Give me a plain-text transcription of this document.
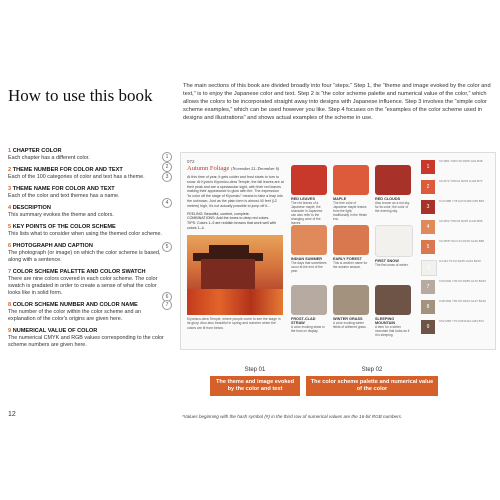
How to use this book	The main sections of this book are divided broadly into four “steps.” Step 1, the “theme and image evoked by the color and text,” is to enjoy the Japanese color and text. Step 2 is “the color scheme palette and numerical value of the color,” which allows the colors to be incorporated straight away into designs with Japanese influence. Step 3 involves the “simple color scheme examples,” which can be used however you like. Step 4 focuses on the “examples of the color scheme used in designs and illustrations” and shows actual examples of the scheme in use.
1 CHAPTER COLOR
Each chapter has a different color.
2 THEME NUMBER FOR COLOR AND TEXT
Each of the 100 categories of color and text has a theme.
3 THEME NAME FOR COLOR AND TEXT
Each of the color and text themes has a name.
4 DESCRIPTION
This summary evokes the theme and colors.
5 KEY POINTS OF THE COLOR SCHEME
This lists what to consider when using the themed color scheme.
6 PHOTOGRAPH AND CAPTION
The photograph (or image) on which the color scheme is based, along with a sentence.
7 COLOR SCHEME PALETTE AND COLOR SWATCH
There are nine colors covered in each color scheme. The color swatch is gradated in order to create a sense of what the color looks like in solid form.
8 COLOR SCHEME NUMBER AND COLOR NAME
The number of the color within the color scheme and an explanation of the color's origins are given here.
9 NUMERICAL VALUE OF COLOR
The numerical CMYK and RGB values corresponding to the color scheme numbers are given here.
1
2
3
4
5
6
7
072
Autumn Foliage (November 22–December 6)
At this time of year, it gets colder and frost starts to turn to snow. At Kyoto's Kiyomizu-dera Temple, the fall leaves are at their peak and are a spectacular sight, with their red leaves making their appearance to glow with fire. The expression "to color off the stage of Kiyomizu" means to take a leap into the unknown. Just as the plain form is almost 40 feet (12 meters) high, it's not actually possible to jump off it...
FEELING: Beautiful, content, complete.
COMBINATIONS: Add the tones to deep red colors.
TIPS: Colors 1–9 are reddish browns that work well with colors 1–4.
Kiyomizu-dera Temple, where people come to see the stage in its glory. Also also beautiful in spring and summer when the colors are lit from below.
RED LEAVES
The red leaves of a Japanese maple; the character in Japanese can also refer to the changing color of the leaves.
MAPLE
The tree color of Japanese maple leaves from the light; traditionally in the Heian era.
RED CLOUDS
Also known as a red sky for its color; the color of the evening sky.
INDIAN SUMMER
The days that sometimes occur at the end of the year.
EARLY FOREST
This is another name for the autumn season.
FIRST SNOW
The first snow of winter.
FROST-CLAD STRAW
A color evoking straw or the frost on display.
WINTER GRASS
A color evoking winter fields of withered grass.
SLEEPING MOUNTAIN
A term for a winter mountain that looks as if it is sleeping.
1
C0 M81 Y68 K15 R205 G61 B48
2
C0 M72 Y68 K0 R233 G104 B73
3
C10 M86 Y78 K20 R180 G55 B45
4
C0 M52 Y58 K8 R225 G140 B95
5
C0 M58 Y62 K14 R215 G120 B80
6
C4 M4 Y6 K0 R245 G243 B240
7
C30 M32 Y35 K0 R185 G170 B160
8
C38 M40 Y50 K5 R163 G147 B126
9
C52 M65 Y70 K28 R110 G84 B72
Step 01
The theme and image evoked by the color and text
Step 02
The color scheme palette and numerical value of the color
*Values beginning with the hash symbol (#) in the third row of numerical values are the 16-bit RGB numbers.
12
